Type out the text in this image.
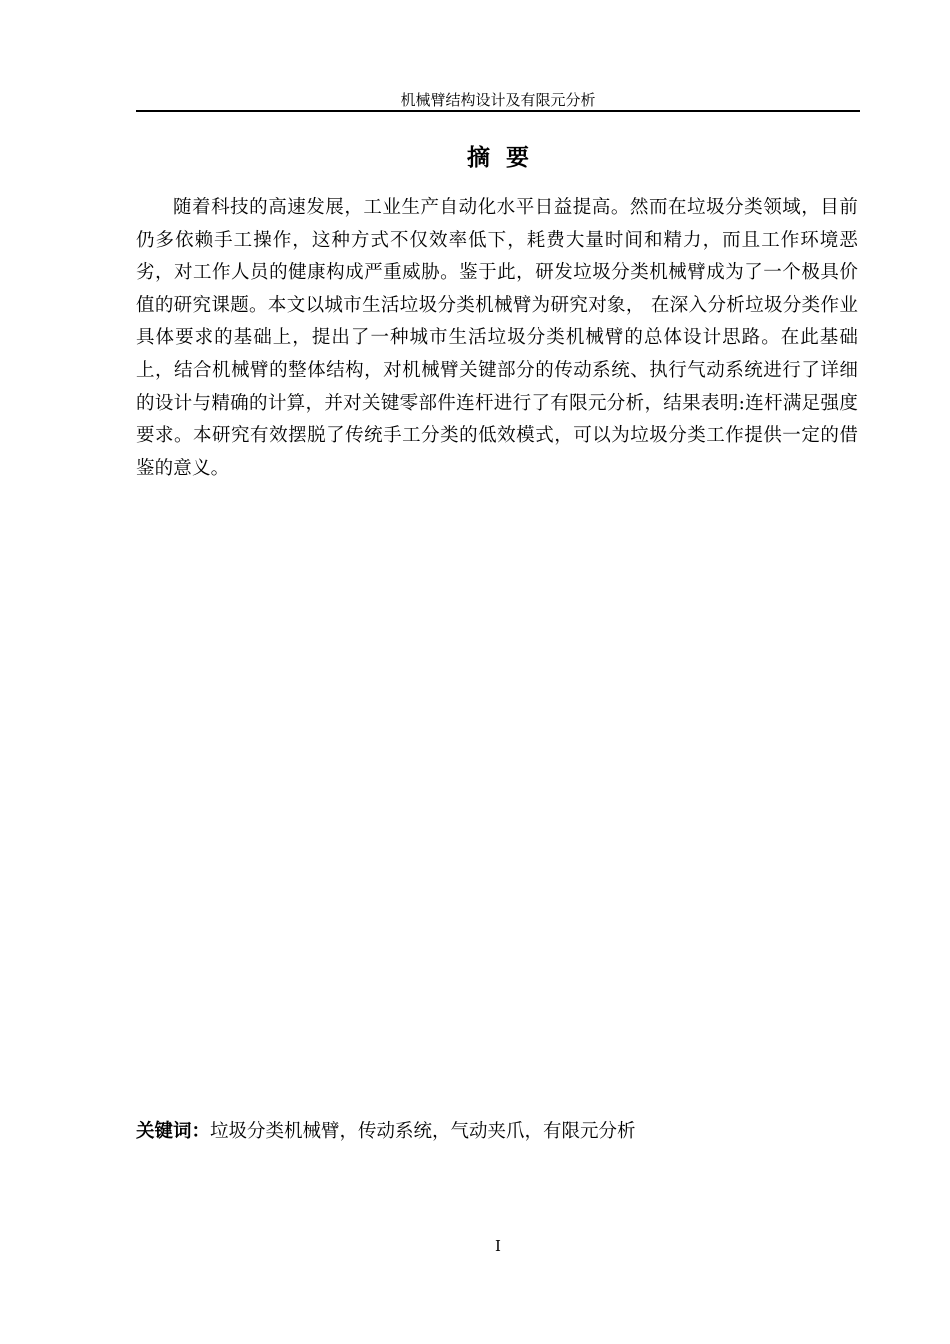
机械臂结构设计及有限元分析
摘  要

随着科技的高速发展，工业生产自动化水平日益提高。然而在垃圾分类领域，目前仍多依赖手工操作，这种方式不仅效率低下，耗费大量时间和精力，而且工作环境恶劣，对工作人员的健康构成严重威胁。鉴于此，研发垃圾分类机械臂成为了一个极具价值的研究课题。本文以城市生活垃圾分类机械臂为研究对象， 在深入分析垃圾分类作业具体要求的基础上，提出了一种城市生活垃圾分类机械臂的总体设计思路。在此基础上，结合机械臂的整体结构，对机械臂关键部分的传动系统、执行气动系统进行了详细的设计与精确的计算，并对关键零部件连杆进行了有限元分析，结果表明:连杆满足强度要求。本研究有效摆脱了传统手工分类的低效模式，可以为垃圾分类工作提供一定的借鉴的意义。

关键词：垃圾分类机械臂，传动系统，气动夹爪，有限元分析
I
